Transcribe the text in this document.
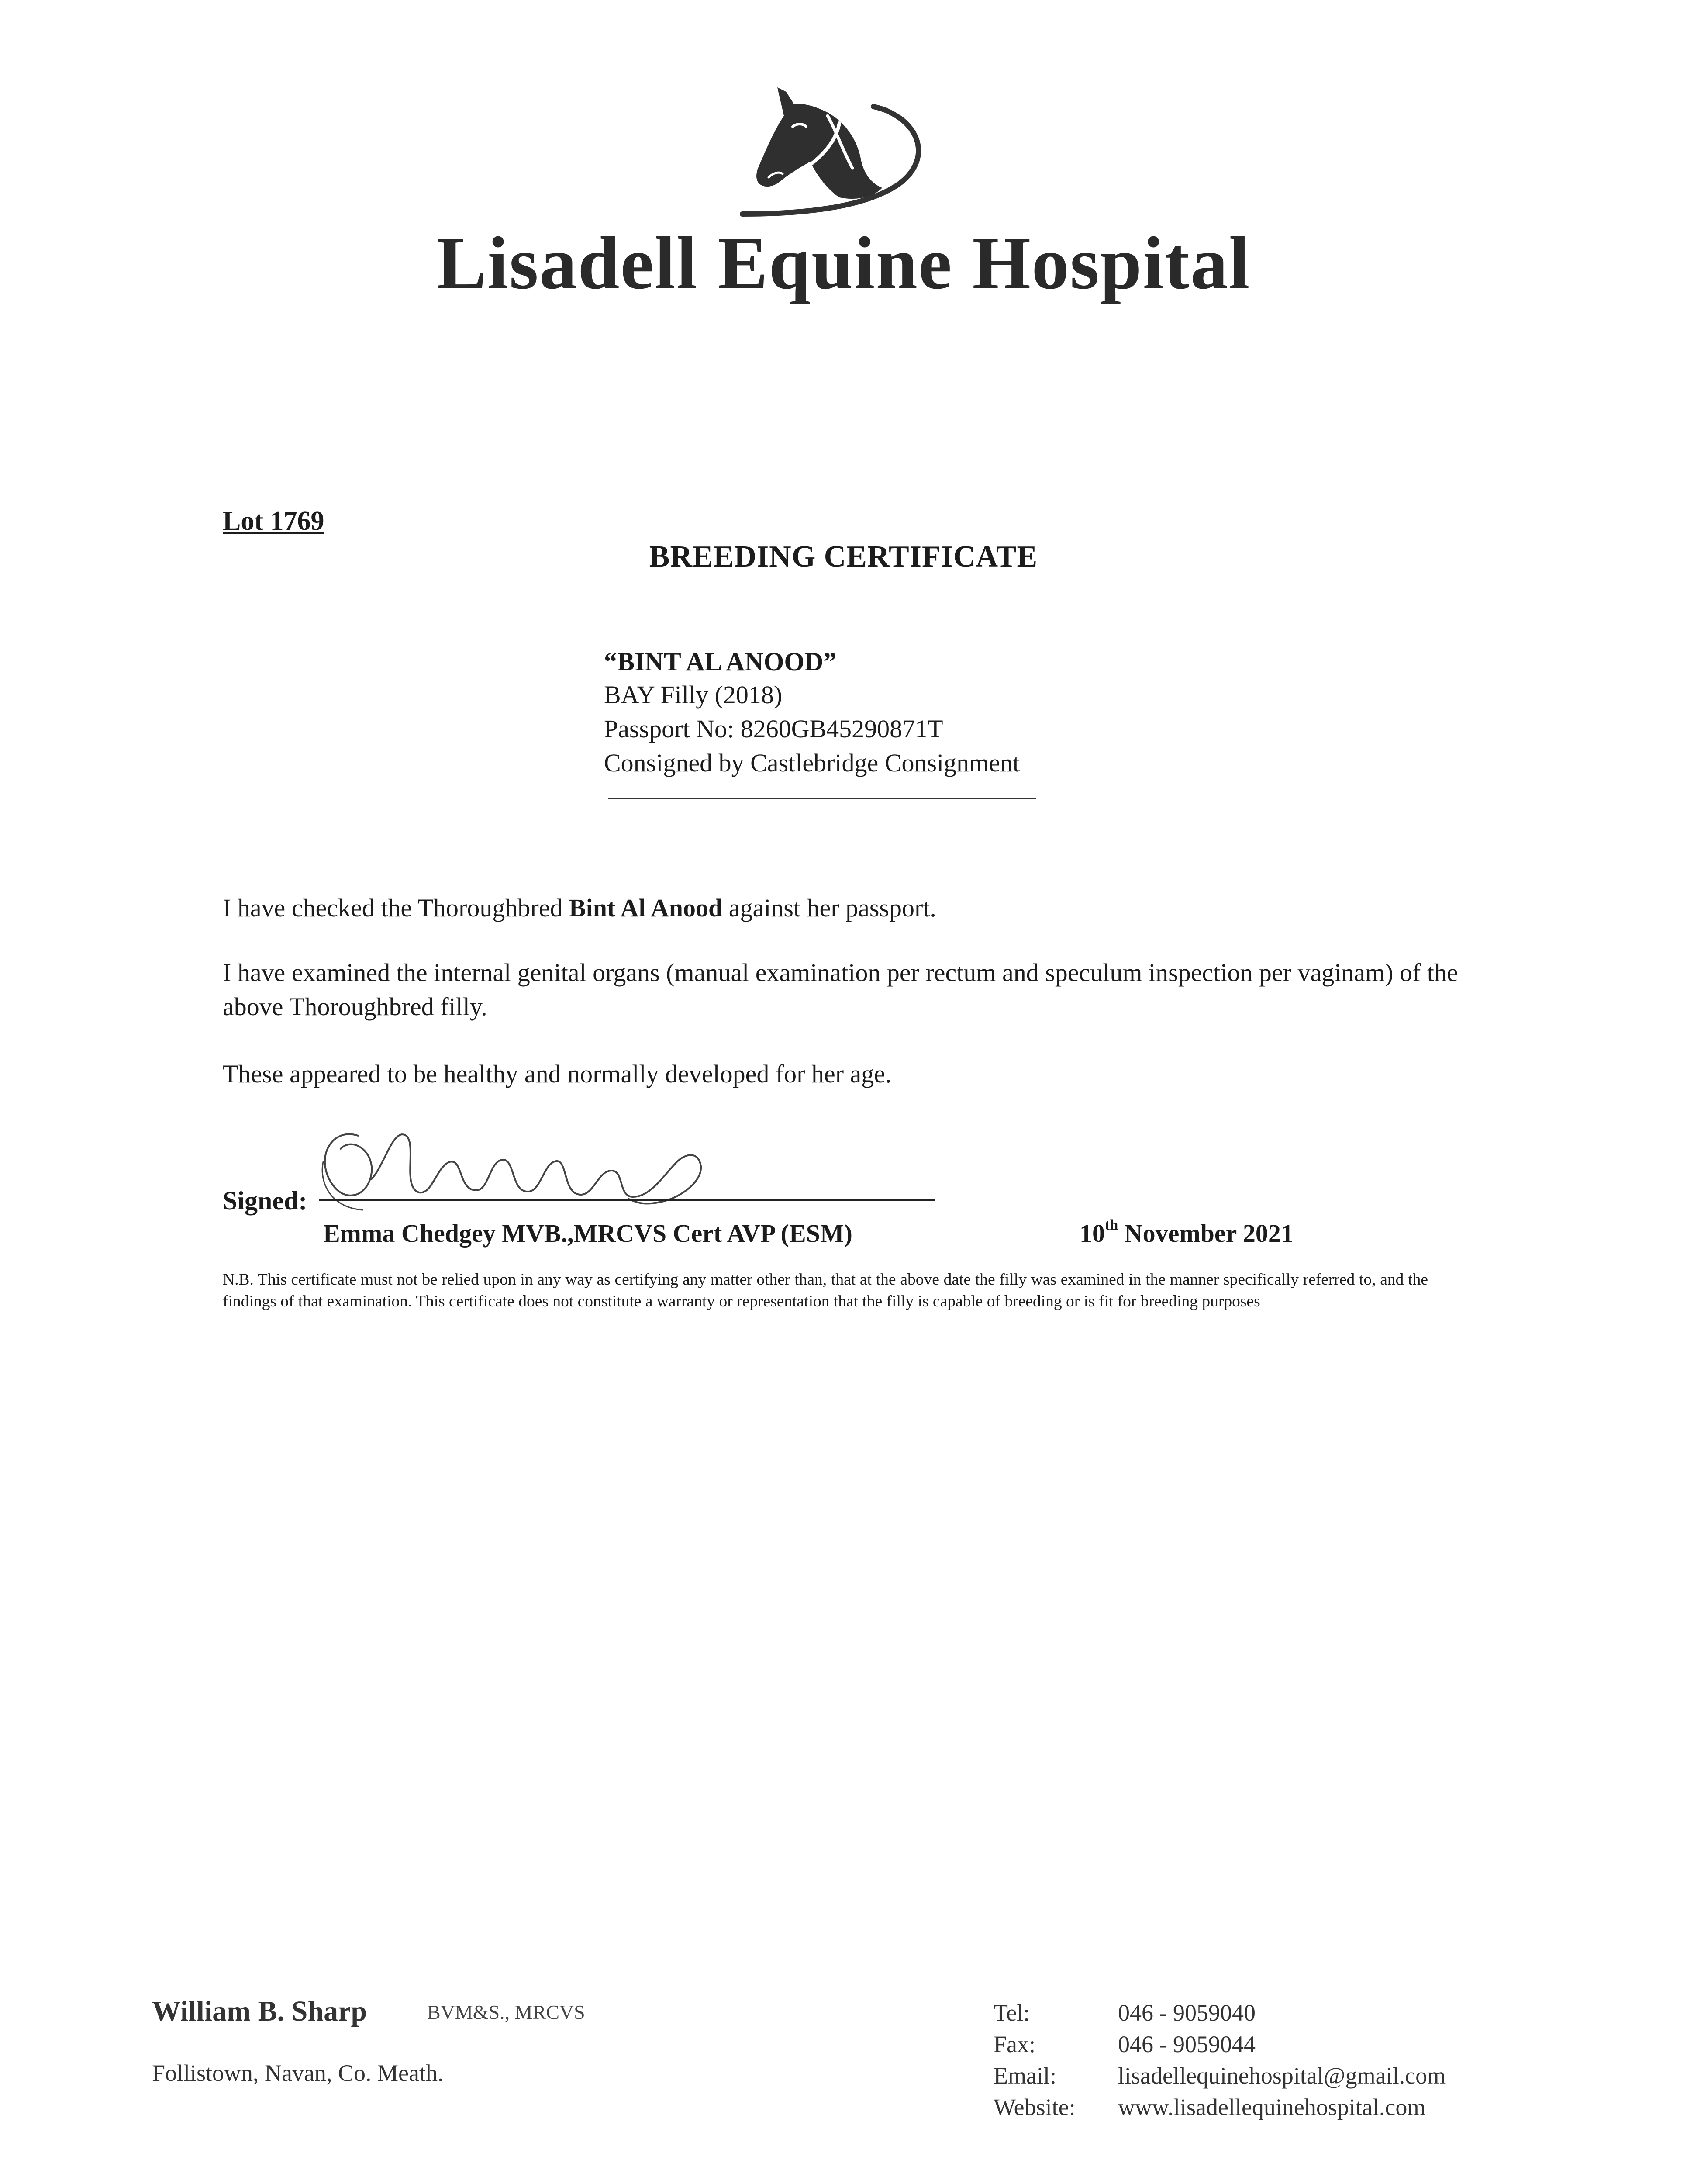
Lisadell Equine Hospital
Lot 1769
BREEDING CERTIFICATE
“BINT AL ANOOD”
BAY Filly (2018)
Passport No: 8260GB45290871T
Consigned by Castlebridge Consignment
I have checked the Thoroughbred Bint Al Anood against her passport.
I have examined the internal genital organs (manual examination per rectum and speculum inspection per vaginam) of the above Thoroughbred filly.
These appeared to be healthy and normally developed for her age.
Signed:
Emma Chedgey MVB.,MRCVS Cert AVP (ESM)	10th November 2021
N.B. This certificate must not be relied upon in any way as certifying any matter other than, that at the above date the filly was examined in the manner specifically referred to, and the findings of that examination. This certificate does not constitute a warranty or representation that the filly is capable of breeding or is fit for breeding purposes
William B. Sharp	BVM&S., MRCVS
Follistown, Navan, Co. Meath.
Tel:	046 - 9059040
Fax:	046 - 9059044
Email:	lisadellequinehospital@gmail.com
Website:	www.lisadellequinehospital.com
